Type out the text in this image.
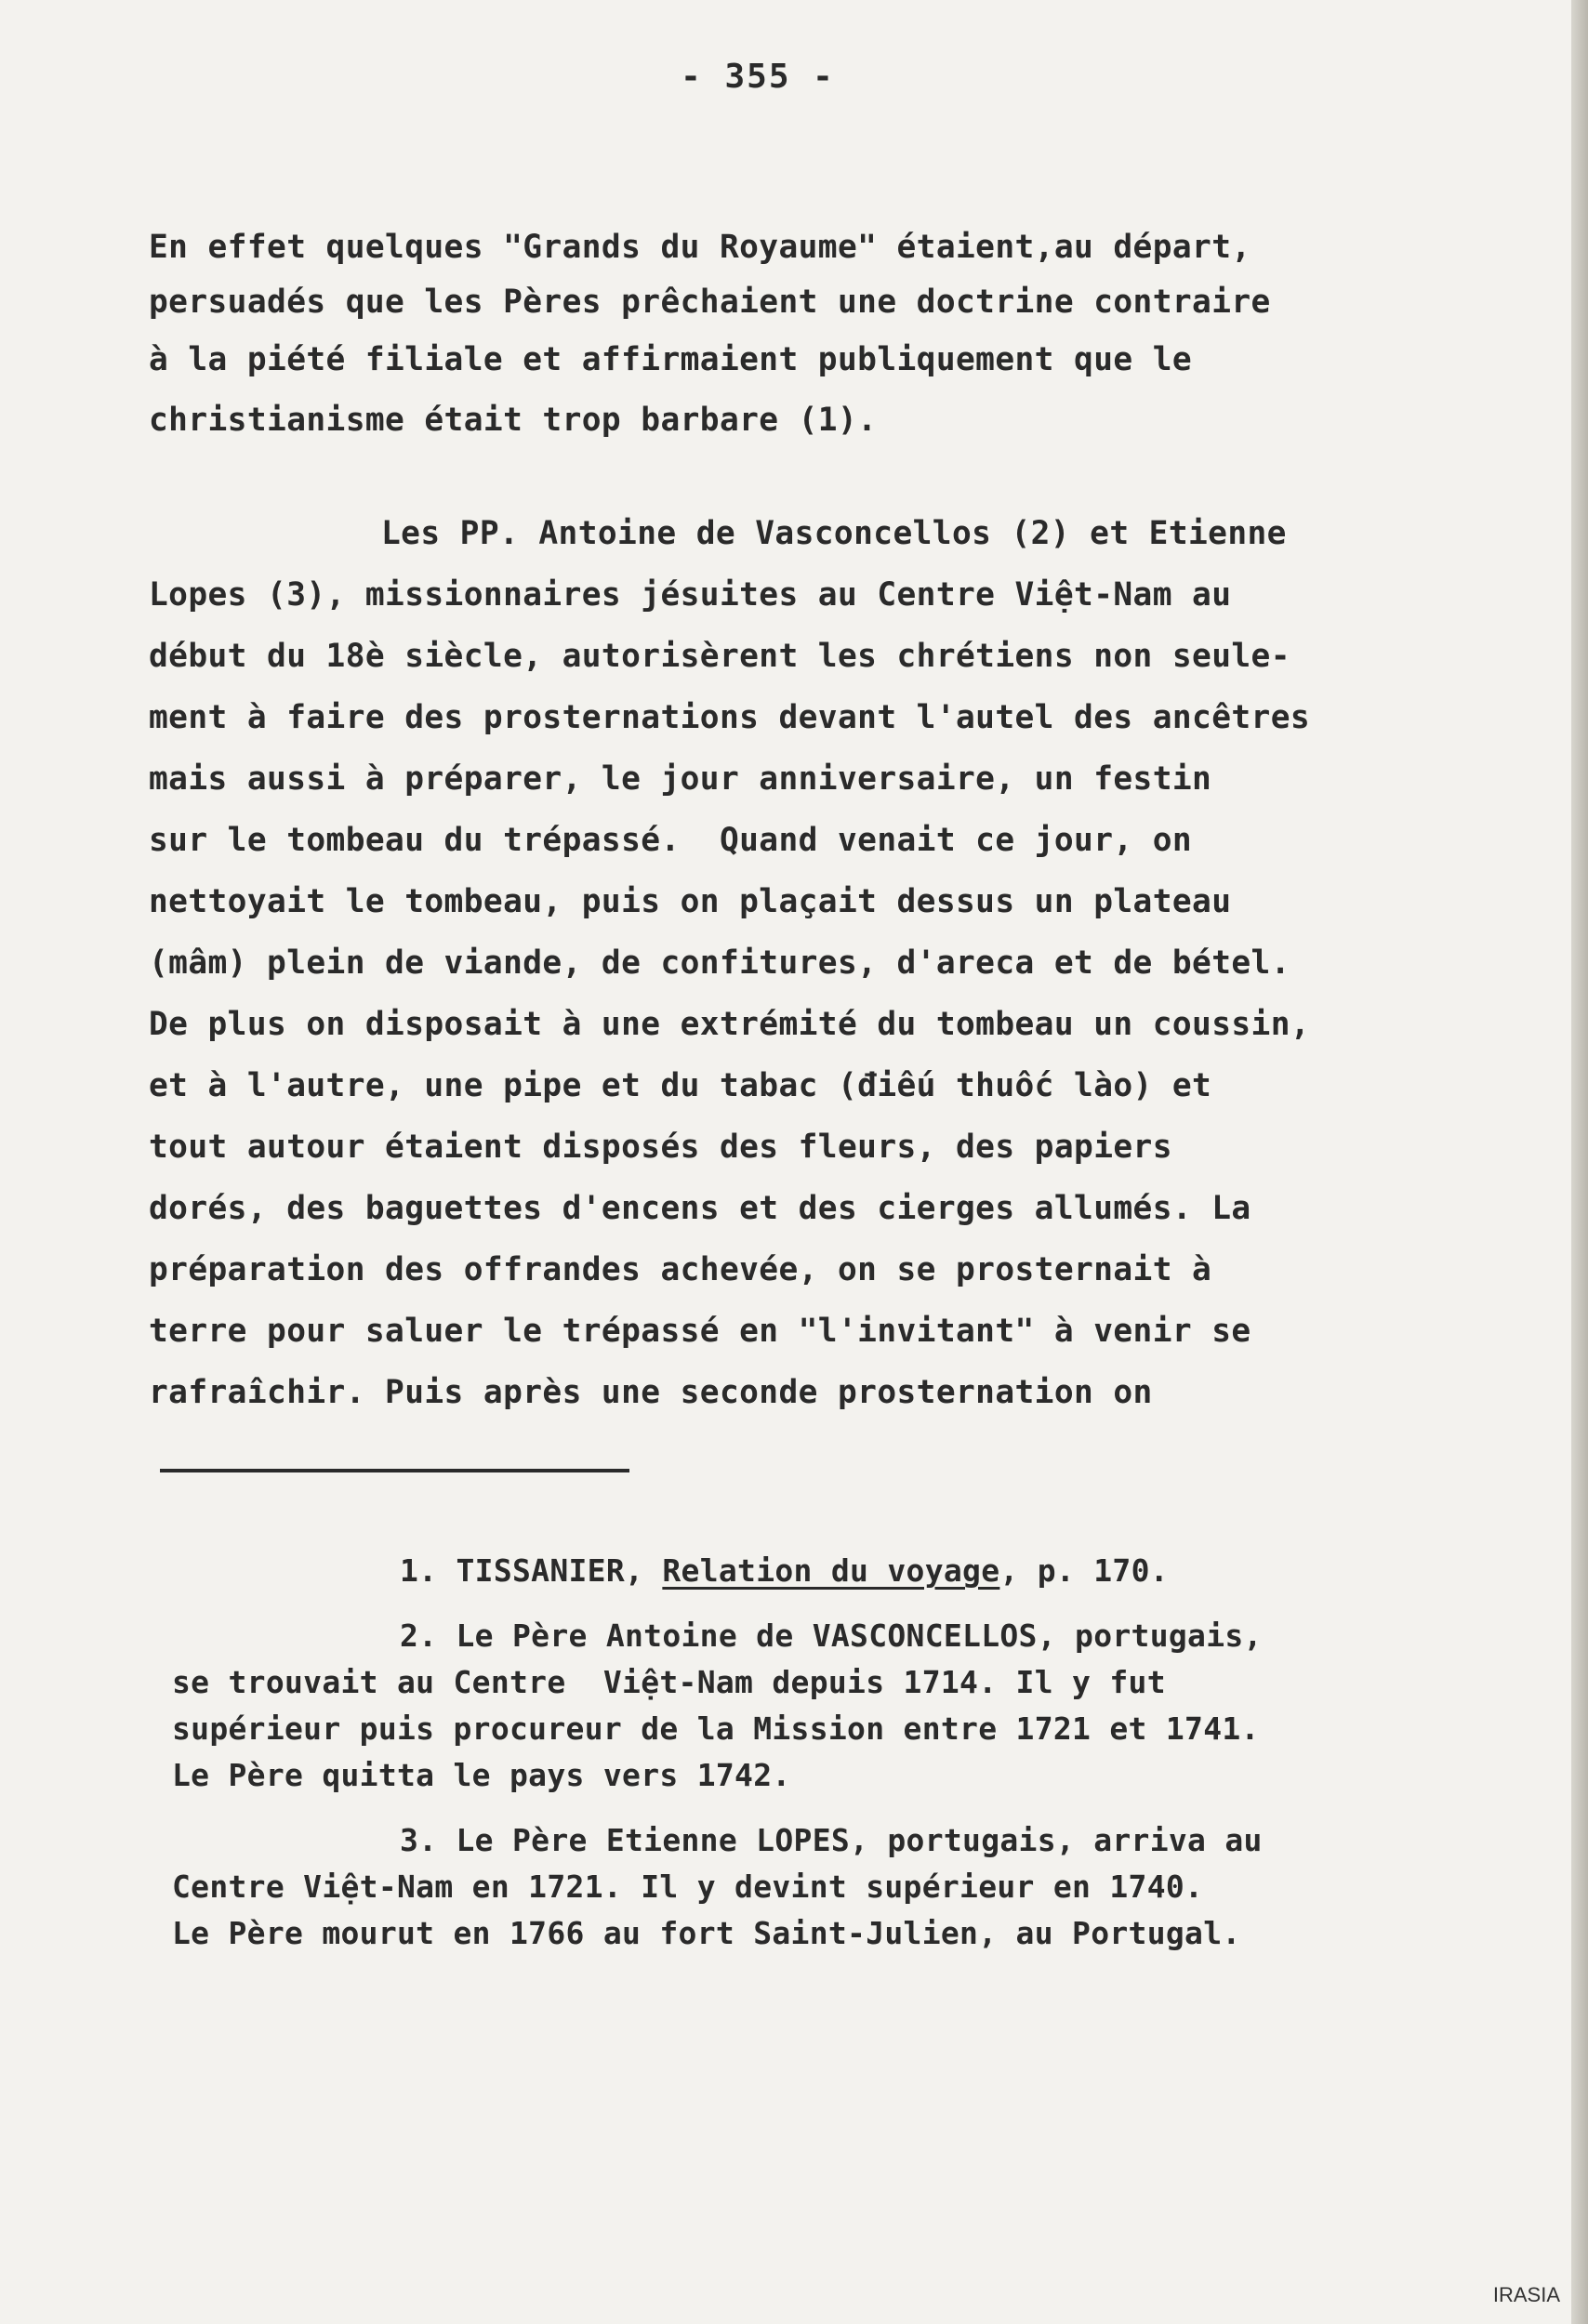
- 355 -
En effet quelques "Grands du Royaume" étaient,au départ,
persuadés que les Pères prêchaient une doctrine contraire
à la piété filiale et affirmaient publiquement que le
christianisme était trop barbare (1).
Les PP. Antoine de Vasconcellos (2) et Etienne
Lopes (3), missionnaires jésuites au Centre Việt-Nam au
début du 18è siècle, autorisèrent les chrétiens non seule-
ment à faire des prosternations devant l'autel des ancêtres
mais aussi à préparer, le jour anniversaire, un festin
sur le tombeau du trépassé.  Quand venait ce jour, on
nettoyait le tombeau, puis on plaçait dessus un plateau
(mâm) plein de viande, de confitures, d'areca et de bétel.
De plus on disposait à une extrémité du tombeau un coussin,
et à l'autre, une pipe et du tabac (điếu thuốc lào) et
tout autour étaient disposés des fleurs, des papiers
dorés, des baguettes d'encens et des cierges allumés. La
préparation des offrandes achevée, on se prosternait à
terre pour saluer le trépassé en "l'invitant" à venir se
rafraîchir. Puis après une seconde prosternation on
1. TISSANIER, Relation du voyage, p. 170.
2. Le Père Antoine de VASCONCELLOS, portugais,
se trouvait au Centre  Việt-Nam depuis 1714. Il y fut
supérieur puis procureur de la Mission entre 1721 et 1741.
Le Père quitta le pays vers 1742.
3. Le Père Etienne LOPES, portugais, arriva au
Centre Việt-Nam en 1721. Il y devint supérieur en 1740.
Le Père mourut en 1766 au fort Saint-Julien, au Portugal.
IRASIA
